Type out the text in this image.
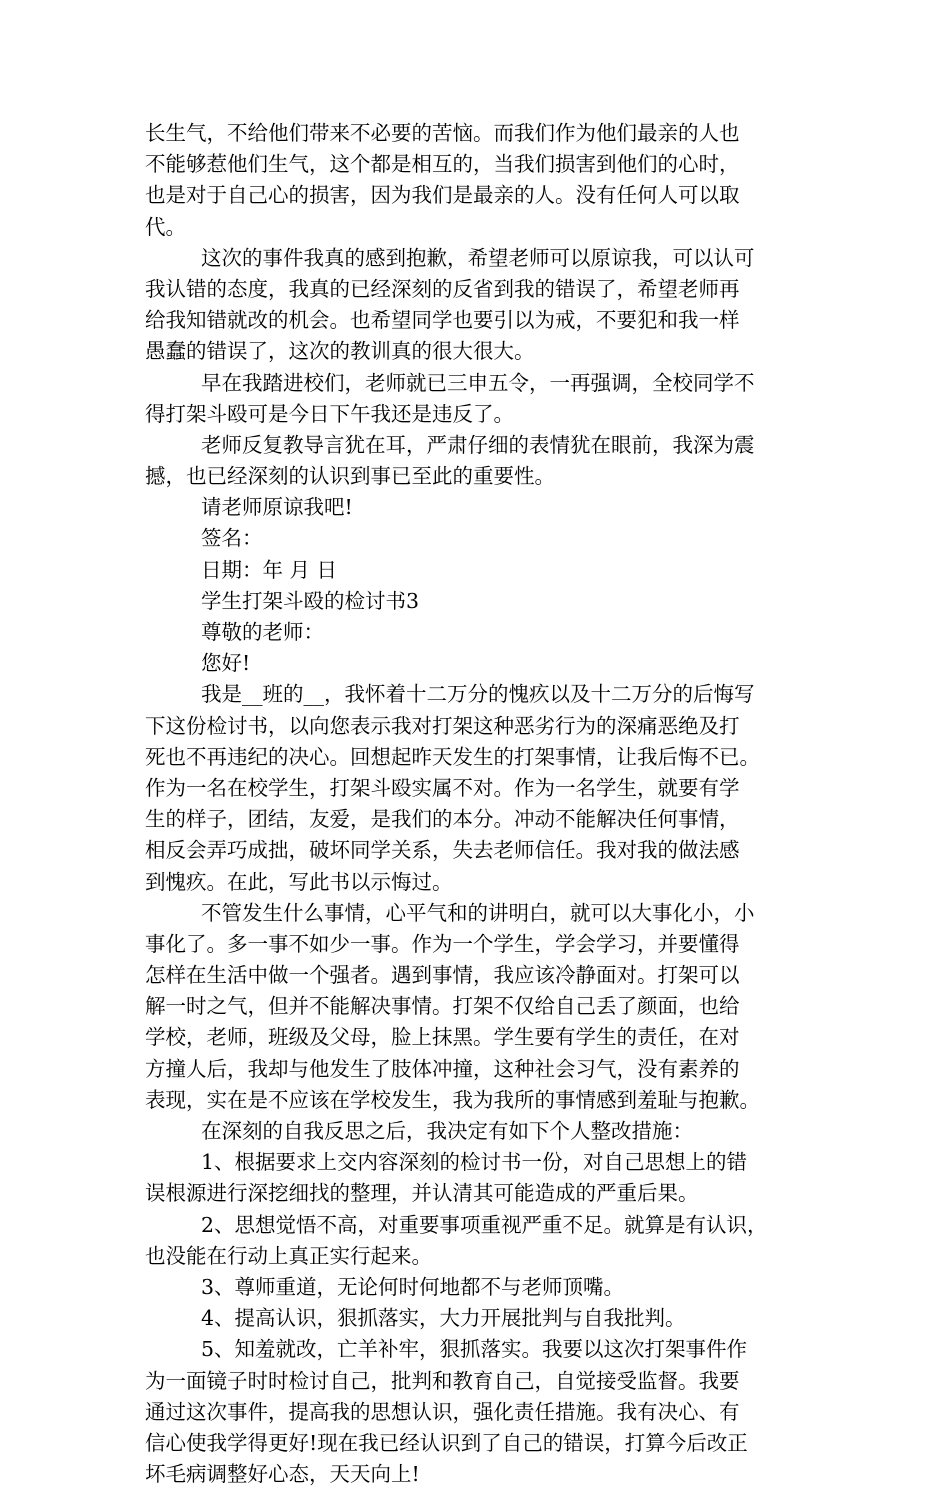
长生气，不给他们带来不必要的苦恼。而我们作为他们最亲的人也
不能够惹他们生气，这个都是相互的，当我们损害到他们的心时，
也是对于自己心的损害，因为我们是最亲的人。没有任何人可以取
代。
这次的事件我真的感到抱歉，希望老师可以原谅我，可以认可
我认错的态度，我真的已经深刻的反省到我的错误了，希望老师再
给我知错就改的机会。也希望同学也要引以为戒，不要犯和我一样
愚蠢的错误了，这次的教训真的很大很大。
早在我踏进校们，老师就已三申五令，一再强调，全校同学不
得打架斗殴可是今日下午我还是违反了。
老师反复教导言犹在耳，严肃仔细的表情犹在眼前，我深为震
撼，也已经深刻的认识到事已至此的重要性。
请老师原谅我吧!
签名：
日期：年 月 日
学生打架斗殴的检讨书3
尊敬的老师：
您好!
我是__班的__，我怀着十二万分的愧疚以及十二万分的后悔写
下这份检讨书，以向您表示我对打架这种恶劣行为的深痛恶绝及打
死也不再违纪的决心。回想起昨天发生的打架事情，让我后悔不已。
作为一名在校学生，打架斗殴实属不对。作为一名学生，就要有学
生的样子，团结，友爱，是我们的本分。冲动不能解决任何事情，
相反会弄巧成拙，破坏同学关系，失去老师信任。我对我的做法感
到愧疚。在此，写此书以示悔过。
不管发生什么事情，心平气和的讲明白，就可以大事化小，小
事化了。多一事不如少一事。作为一个学生，学会学习，并要懂得
怎样在生活中做一个强者。遇到事情，我应该冷静面对。打架可以
解一时之气，但并不能解决事情。打架不仅给自己丢了颜面，也给
学校，老师，班级及父母，脸上抹黑。学生要有学生的责任，在对
方撞人后，我却与他发生了肢体冲撞，这种社会习气，没有素养的
表现，实在是不应该在学校发生，我为我所的事情感到羞耻与抱歉。
在深刻的自我反思之后，我决定有如下个人整改措施：
1、根据要求上交内容深刻的检讨书一份，对自己思想上的错
误根源进行深挖细找的整理，并认清其可能造成的严重后果。
2、思想觉悟不高，对重要事项重视严重不足。就算是有认识，
也没能在行动上真正实行起来。
3、尊师重道，无论何时何地都不与老师顶嘴。
4、提高认识，狠抓落实，大力开展批判与自我批判。
5、知羞就改，亡羊补牢，狠抓落实。我要以这次打架事件作
为一面镜子时时检讨自己，批判和教育自己，自觉接受监督。我要
通过这次事件，提高我的思想认识，强化责任措施。我有决心、有
信心使我学得更好!现在我已经认识到了自己的错误，打算今后改正
坏毛病调整好心态，天天向上!
